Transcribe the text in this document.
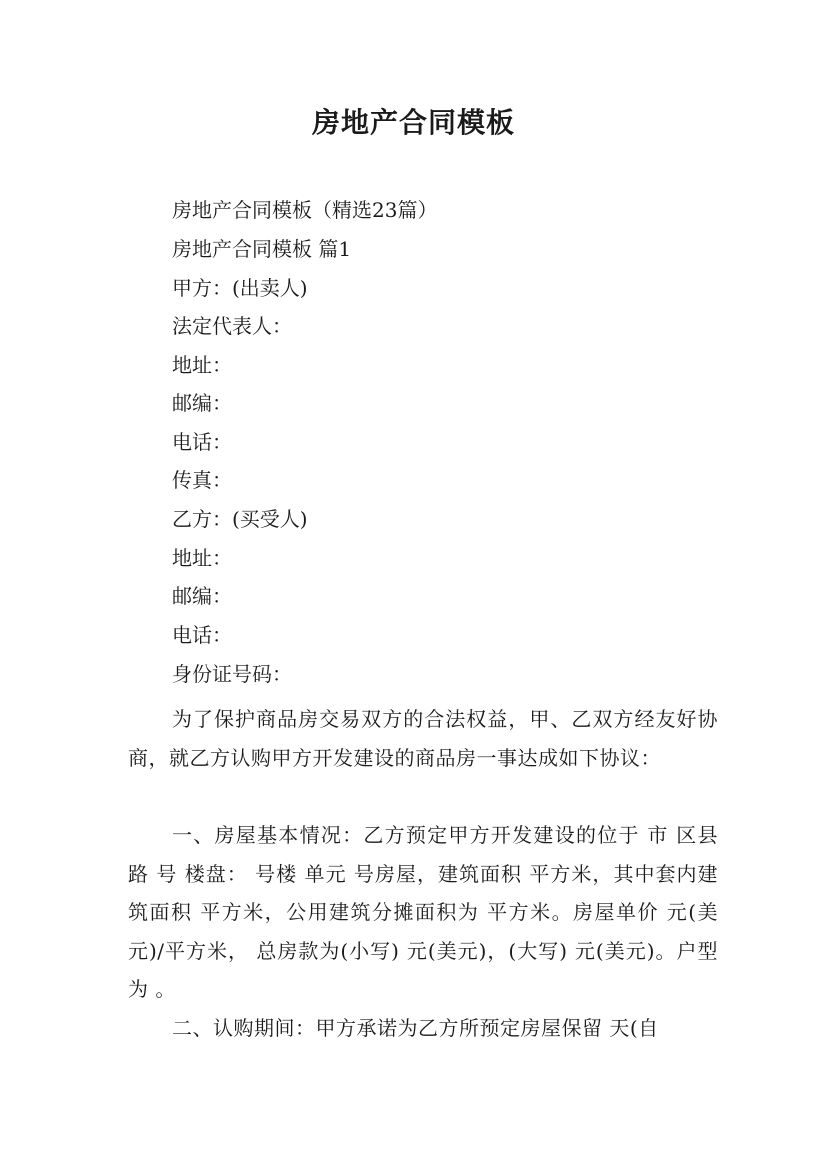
房地产合同模板
房地产合同模板（精选23篇）
房地产合同模板 篇1
甲方：(出卖人)
法定代表人：
地址：
邮编：
电话：
传真：
乙方：(买受人)
地址：
邮编：
电话：
身份证号码：
为了保护商品房交易双方的合法权益，甲、乙双方经友好协商，就乙方认购甲方开发建设的商品房一事达成如下协议：
一、房屋基本情况：乙方预定甲方开发建设的位于 市 区县 路 号 楼盘： 号楼 单元 号房屋，建筑面积 平方米，其中套内建筑面积 平方米，公用建筑分摊面积为 平方米。房屋单价 元(美元)/平方米， 总房款为(小写) 元(美元)，(大写) 元(美元)。户型为 。
二、认购期间：甲方承诺为乙方所预定房屋保留 天(自
